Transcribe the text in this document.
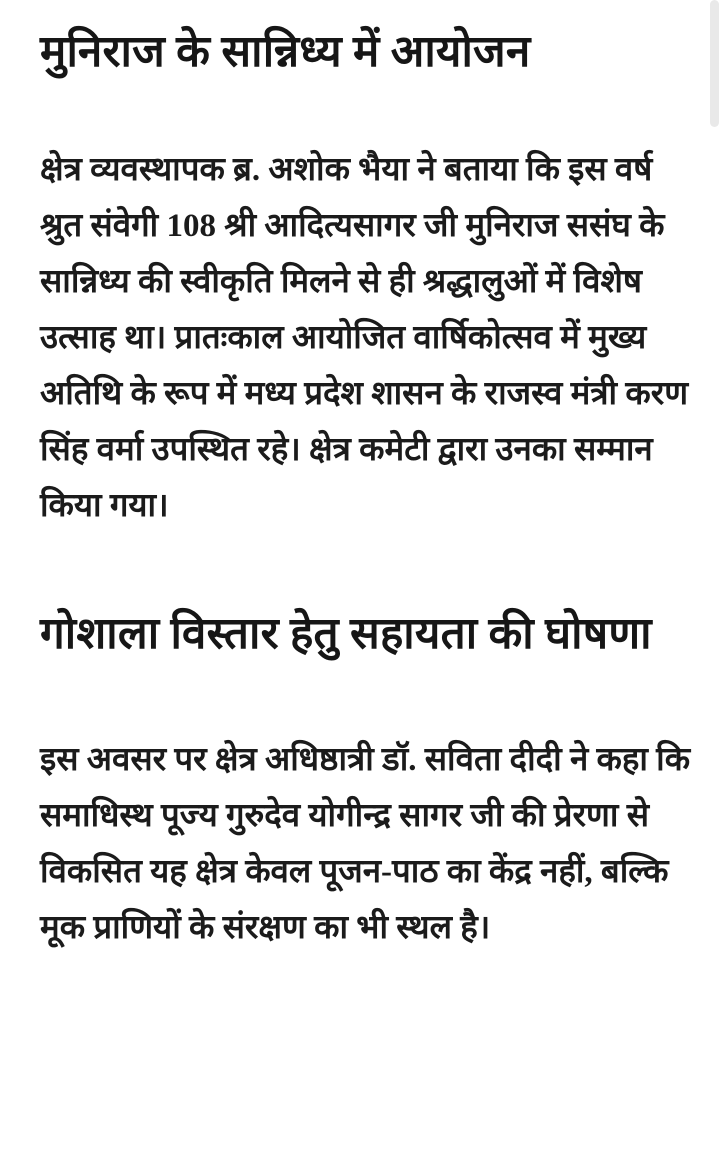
मुनिराज के सान्निध्य में आयोजन

क्षेत्र व्यवस्थापक ब्र. अशोक भैया ने बताया कि इस वर्ष श्रुत संवेगी 108 श्री आदित्यसागर जी मुनिराज ससंघ के सान्निध्य की स्वीकृति मिलने से ही श्रद्धालुओं में विशेष उत्साह था। प्रातःकाल आयोजित वार्षिकोत्सव में मुख्य अतिथि के रूप में मध्य प्रदेश शासन के राजस्व मंत्री करण सिंह वर्मा उपस्थित रहे। क्षेत्र कमेटी द्वारा उनका सम्मान किया गया।

गोशाला विस्तार हेतु सहायता की घोषणा

इस अवसर पर क्षेत्र अधिष्ठात्री डॉ. सविता दीदी ने कहा कि समाधिस्थ पूज्य गुरुदेव योगीन्द्र सागर जी की प्रेरणा से विकसित यह क्षेत्र केवल पूजन-पाठ का केंद्र नहीं, बल्कि मूक प्राणियों के संरक्षण का भी स्थल है।
